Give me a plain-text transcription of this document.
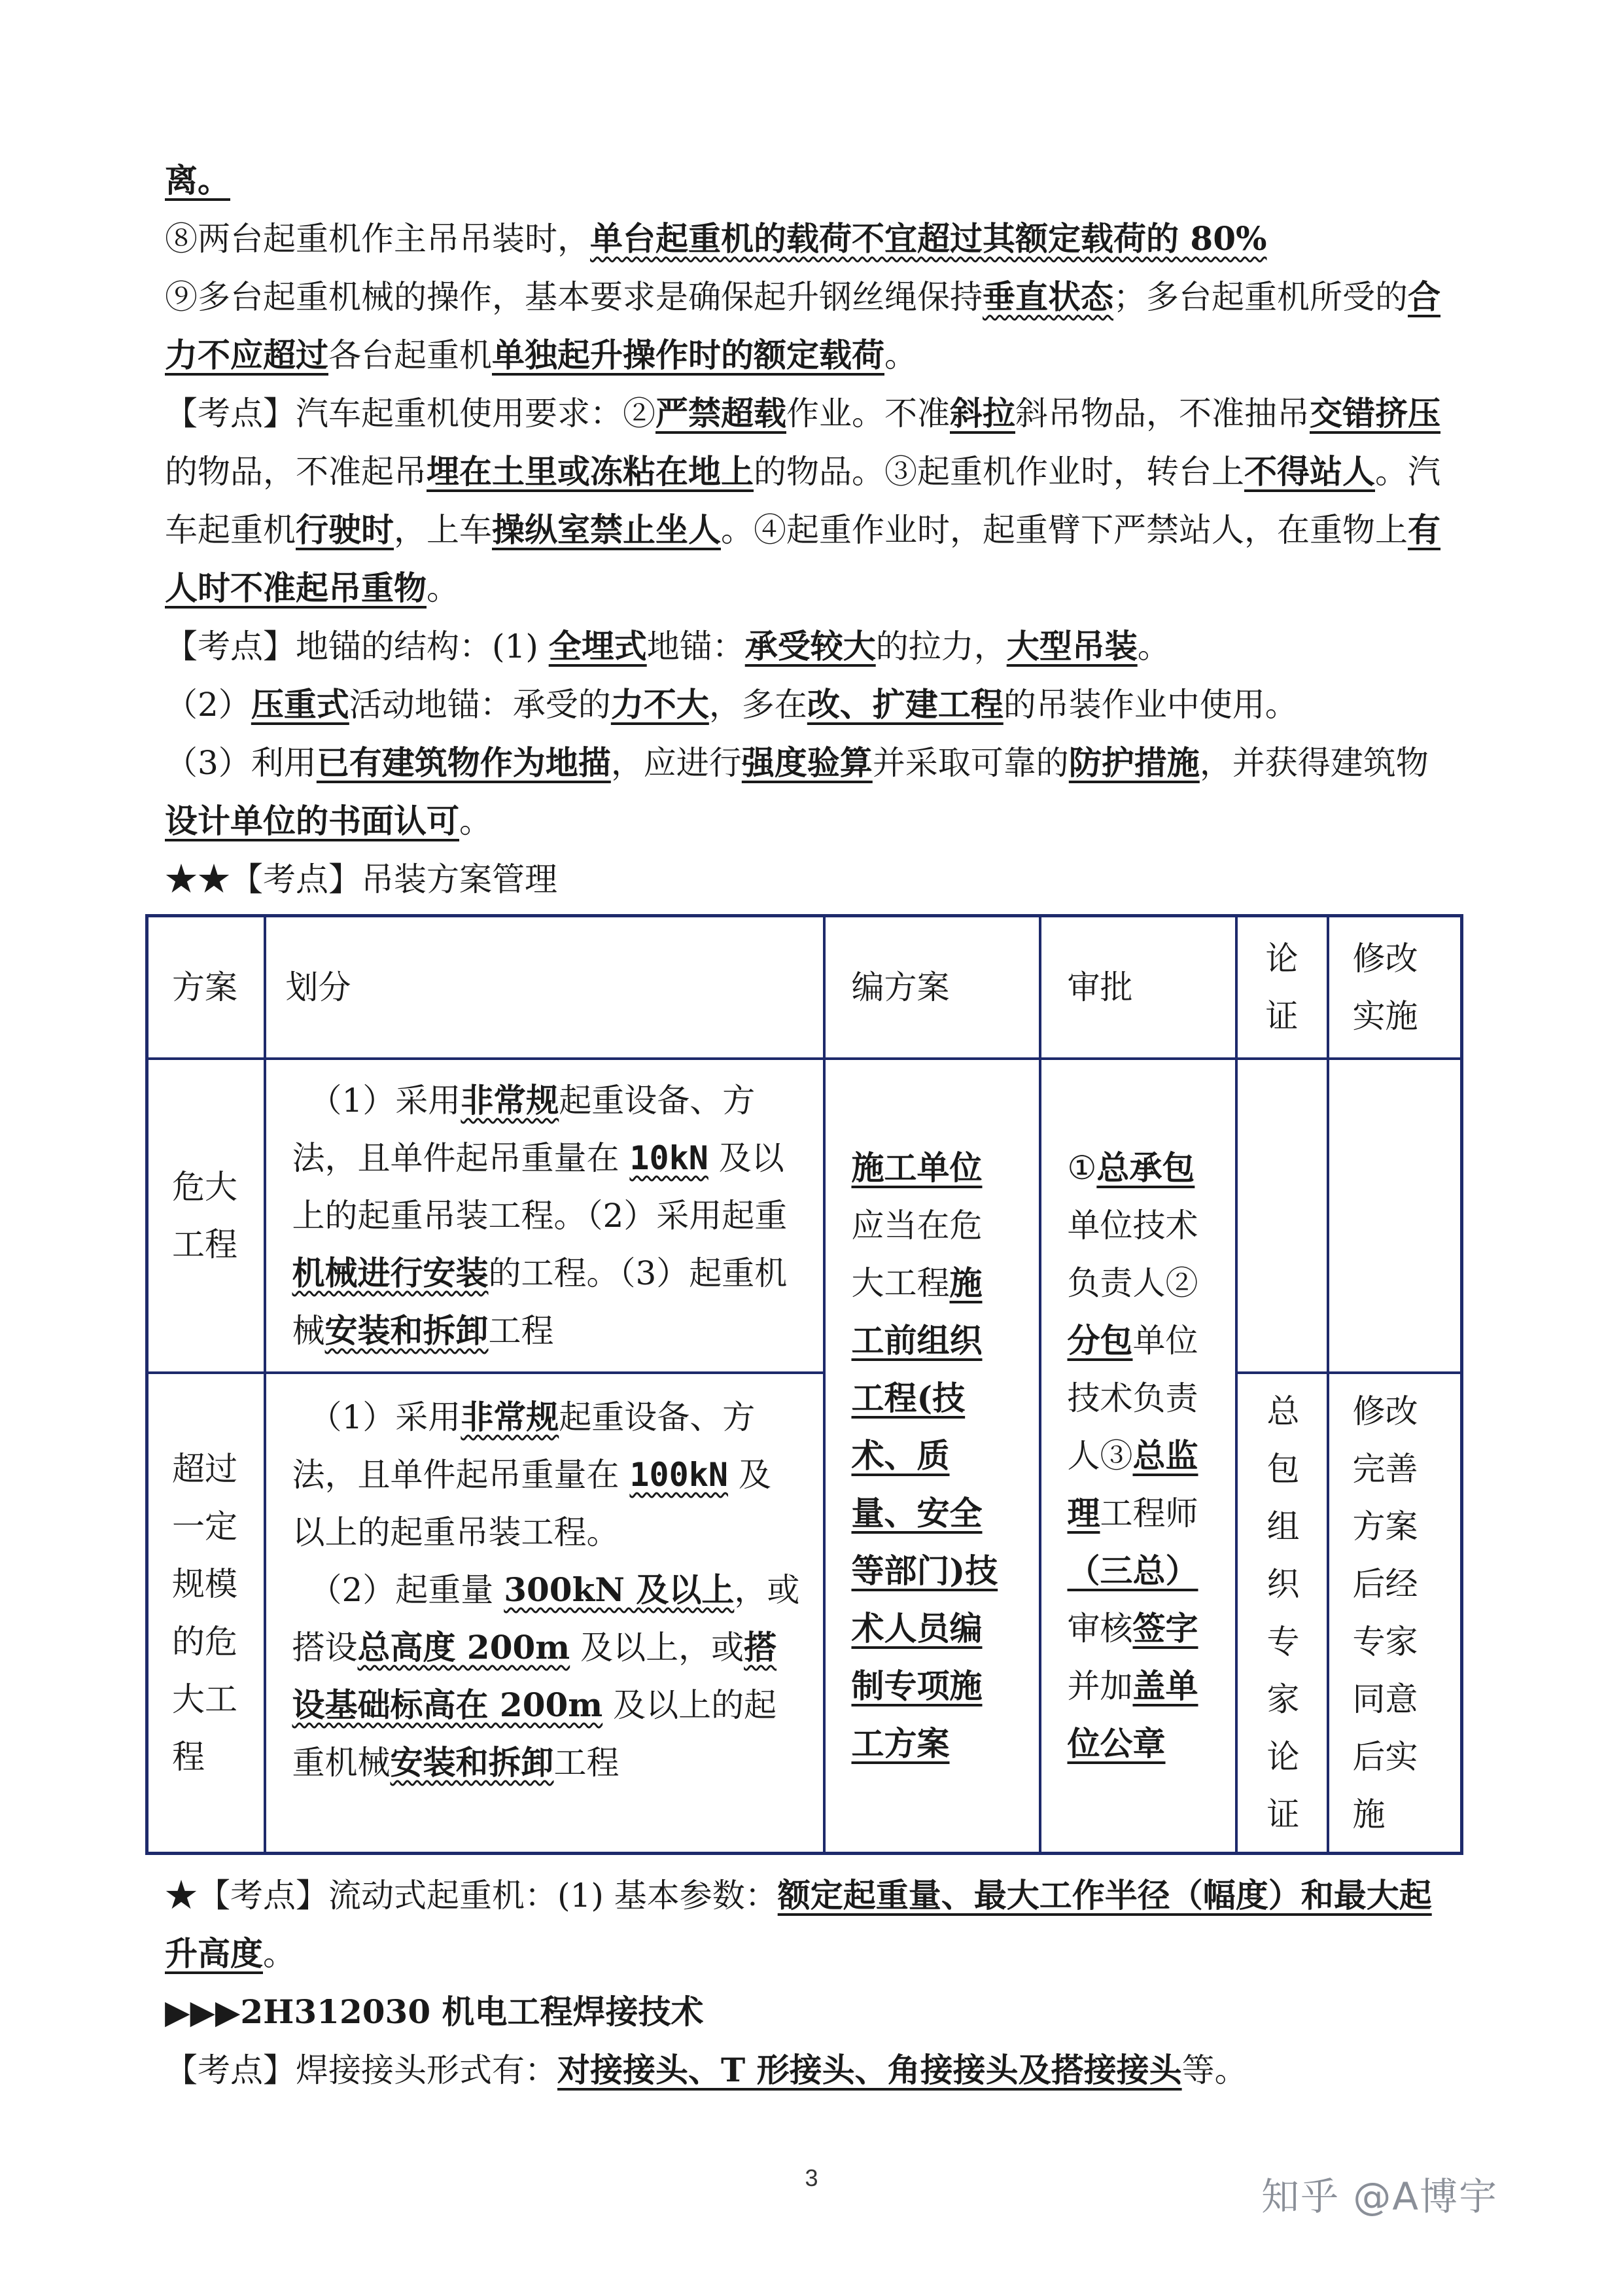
离。
⑧两台起重机作主吊吊装时，单台起重机的载荷不宜超过其额定载荷的 80%
⑨多台起重机械的操作，基本要求是确保起升钢丝绳保持垂直状态；多台起重机所受的合
力不应超过各台起重机单独起升操作时的额定载荷。
【考点】汽车起重机使用要求：②严禁超载作业。不准斜拉斜吊物品，不准抽吊交错挤压
的物品，不准起吊埋在土里或冻粘在地上的物品。③起重机作业时，转台上不得站人。汽
车起重机行驶时，上车操纵室禁止坐人。④起重作业时，起重臂下严禁站人，在重物上有
人时不准起吊重物。
【考点】地锚的结构：(1) 全埋式地锚：承受较大的拉力，大型吊装。
（2）压重式活动地锚：承受的力不大，多在改、扩建工程的吊装作业中使用。
（3）利用已有建筑物作为地描，应进行强度验算并采取可靠的防护措施，并获得建筑物
设计单位的书面认可。
★★【考点】吊装方案管理
方案	划分	编方案	审批	论证	修改实施
危大工程	（1）采用非常规起重设备、方法，且单件起吊重量在 10kN 及以上的起重吊装工程。（2）采用起重机械进行安装的工程。（3）起重机械安装和拆卸工程	施工单位应当在危大工程施工前组织工程(技术、质量、安全等部门)技术人员编制专项施工方案	①总承包单位技术负责人②分包单位技术负责人③总监理工程师（三总）审核签字并加盖单位公章		
超过一定规模的危大工程	（1）采用非常规起重设备、方法，且单件起吊重量在 100kN 及以上的起重吊装工程。
（2）起重量 300kN 及以上，或搭设总高度 200m 及以上，或搭设基础标高在 200m 及以上的起重机械安装和拆卸工程			总包组织专家论证	修改完善方案后经专家同意后实施
★【考点】流动式起重机：(1) 基本参数：额定起重量、最大工作半径（幅度）和最大起
升高度。
▶▶▶2H312030 机电工程焊接技术
【考点】焊接接头形式有：对接接头、T 形接头、角接接头及搭接接头等。
3	知乎 @A博宇
